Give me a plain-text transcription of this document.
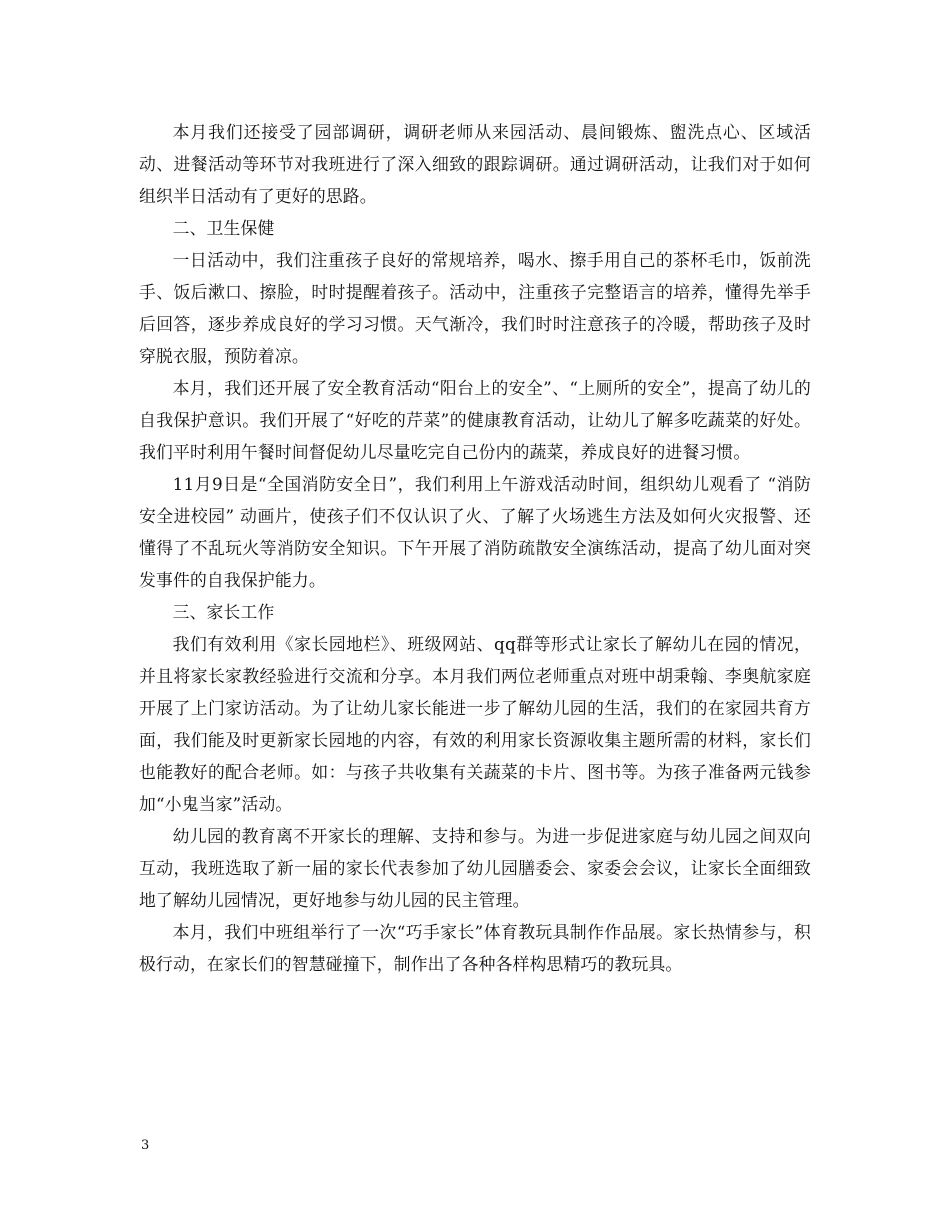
本月我们还接受了园部调研，调研老师从来园活动、晨间锻炼、盥洗点心、区域活动、进餐活动等环节对我班进行了深入细致的跟踪调研。通过调研活动，让我们对于如何组织半日活动有了更好的思路。

二、卫生保健

一日活动中，我们注重孩子良好的常规培养，喝水、擦手用自己的茶杯毛巾，饭前洗手、饭后漱口、擦脸，时时提醒着孩子。活动中，注重孩子完整语言的培养，懂得先举手后回答，逐步养成良好的学习习惯。天气渐冷，我们时时注意孩子的冷暖，帮助孩子及时穿脱衣服，预防着凉。

本月，我们还开展了安全教育活动“阳台上的安全”、“上厕所的安全”，提高了幼儿的自我保护意识。我们开展了“好吃的芹菜”的健康教育活动，让幼儿了解多吃蔬菜的好处。我们平时利用午餐时间督促幼儿尽量吃完自己份内的蔬菜，养成良好的进餐习惯。

11月9日是“全国消防安全日”，我们利用上午游戏活动时间，组织幼儿观看了 “消防安全进校园” 动画片，使孩子们不仅认识了火、了解了火场逃生方法及如何火灾报警、还懂得了不乱玩火等消防安全知识。下午开展了消防疏散安全演练活动，提高了幼儿面对突发事件的自我保护能力。

三、家长工作

我们有效利用《家长园地栏》、班级网站、qq群等形式让家长了解幼儿在园的情况，并且将家长家教经验进行交流和分享。本月我们两位老师重点对班中胡秉翰、李奥航家庭开展了上门家访活动。为了让幼儿家长能进一步了解幼儿园的生活，我们的在家园共育方面，我们能及时更新家长园地的内容，有效的利用家长资源收集主题所需的材料，家长们也能教好的配合老师。如：与孩子共收集有关蔬菜的卡片、图书等。为孩子准备两元钱参加“小鬼当家”活动。

幼儿园的教育离不开家长的理解、支持和参与。为进一步促进家庭与幼儿园之间双向互动，我班选取了新一届的家长代表参加了幼儿园膳委会、家委会会议，让家长全面细致地了解幼儿园情况，更好地参与幼儿园的民主管理。

本月，我们中班组举行了一次“巧手家长”体育教玩具制作作品展。家长热情参与，积极行动，在家长们的智慧碰撞下，制作出了各种各样构思精巧的教玩具。

3
